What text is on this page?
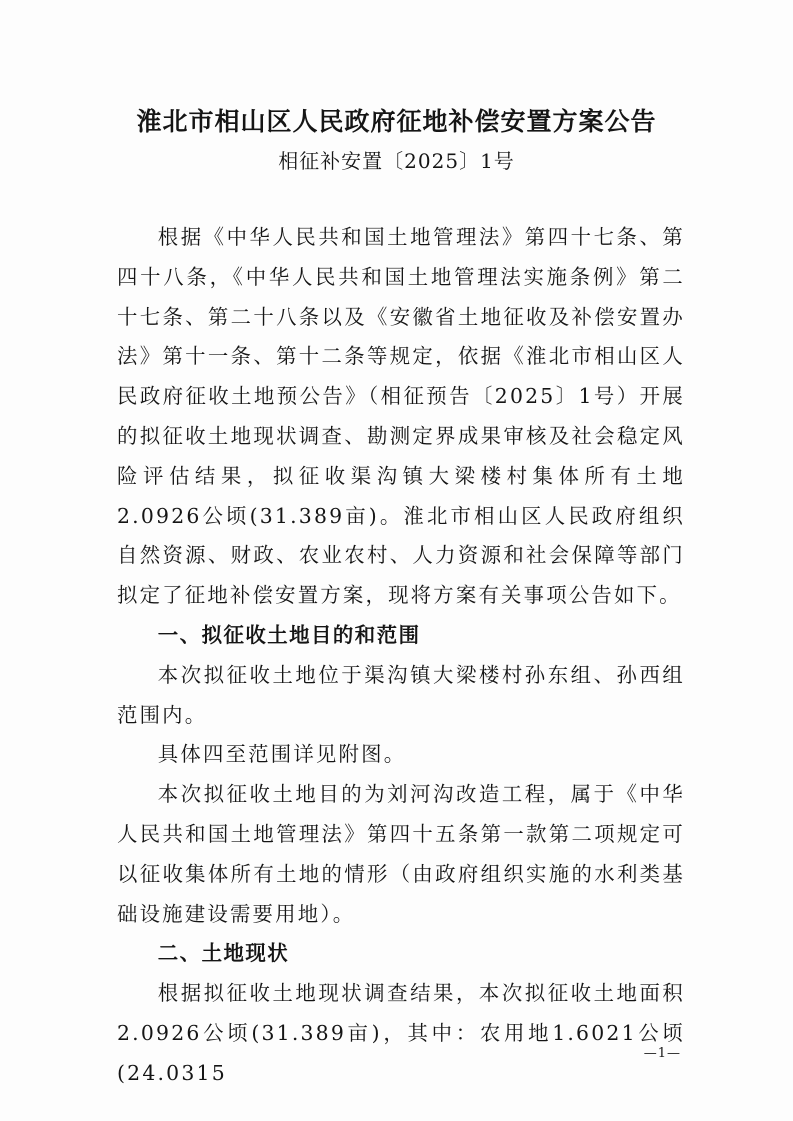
淮北市相山区人民政府征地补偿安置方案公告
相征补安置〔2025〕1号

根据《中华人民共和国土地管理法》第四十七条、第四十八条，《中华人民共和国土地管理法实施条例》第二十七条、第二十八条以及《安徽省土地征收及补偿安置办法》第十一条、第十二条等规定，依据《淮北市相山区人民政府征收土地预公告》（相征预告〔2025〕1号）开展的拟征收土地现状调查、勘测定界成果审核及社会稳定风险评估结果，拟征收渠沟镇大梁楼村集体所有土地2.0926公顷(31.389亩)。淮北市相山区人民政府组织自然资源、财政、农业农村、人力资源和社会保障等部门拟定了征地补偿安置方案，现将方案有关事项公告如下。

一、拟征收土地目的和范围

本次拟征收土地位于渠沟镇大梁楼村孙东组、孙西组范围内。

具体四至范围详见附图。

本次拟征收土地目的为刘河沟改造工程，属于《中华人民共和国土地管理法》第四十五条第一款第二项规定可以征收集体所有土地的情形（由政府组织实施的水利类基础设施建设需要用地）。

二、土地现状

根据拟征收土地现状调查结果，本次拟征收土地面积2.0926公顷(31.389亩)，其中：农用地1.6021公顷(24.0315

—1—
